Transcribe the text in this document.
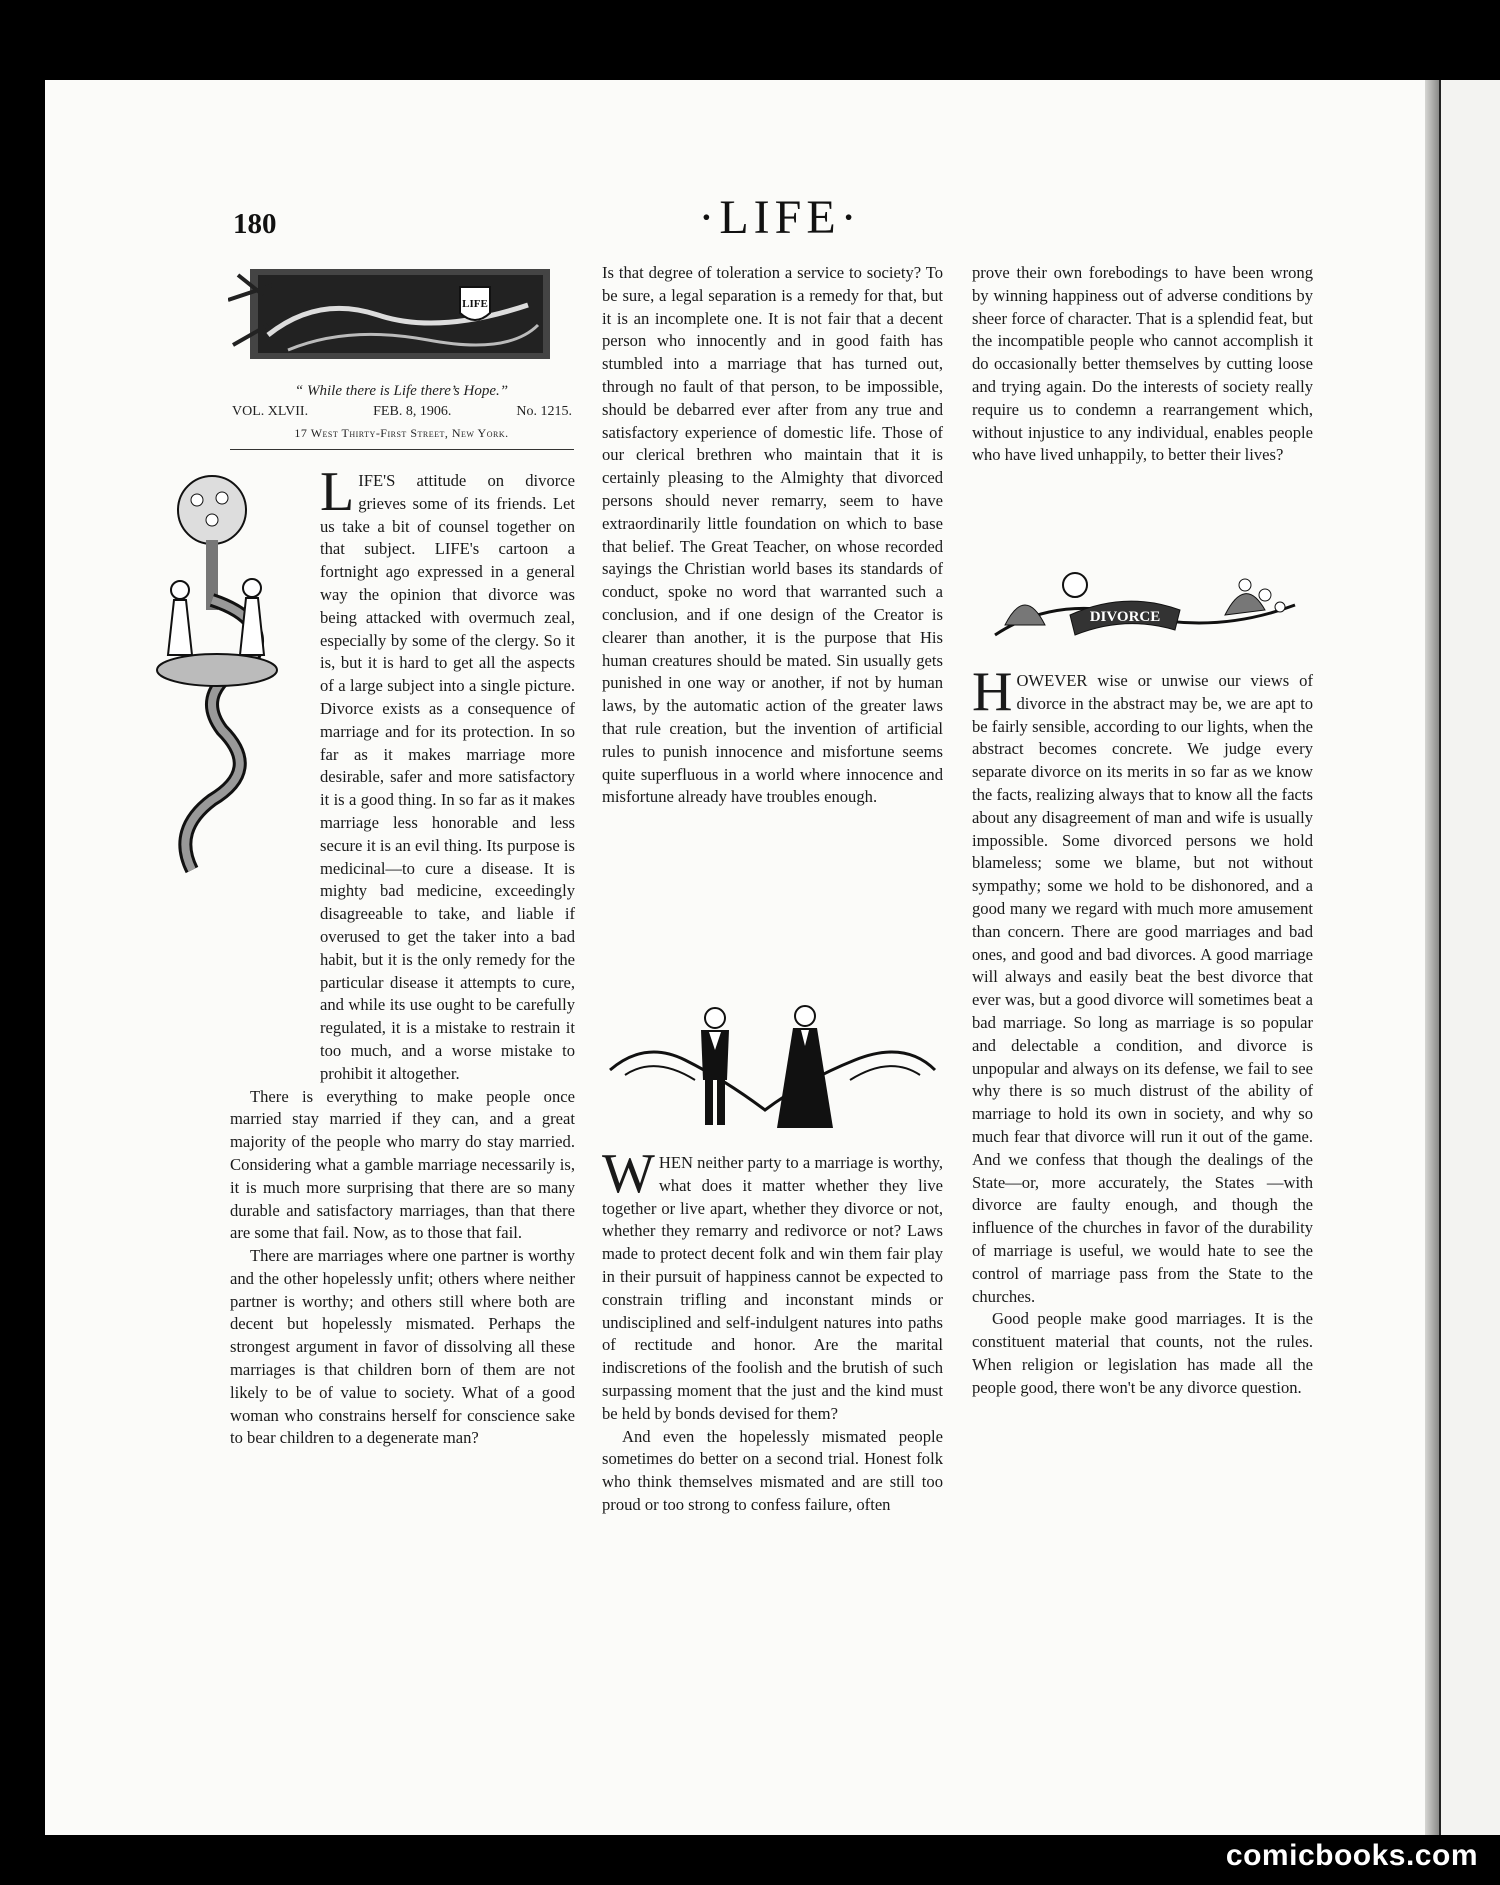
180	·LIFE·
LIFE
“ While there is Life there’s Hope.”
VOL. XLVII.	FEB. 8, 1906.	No. 1215.
17 West Thirty-First Street, New York.

LIFE'S attitude on divorce grieves some of its friends. Let us take a bit of counsel together on that subject. LIFE's cartoon a fortnight ago expressed in a general way the opinion that divorce was being attacked with overmuch zeal, especially by some of the clergy. So it is, but it is hard to get all the aspects of a large subject into a single picture. Divorce exists as a consequence of marriage and for its protection. In so far as it makes marriage more desirable, safer and more satisfactory it is a good thing. In so far as it makes marriage less honorable and less secure it is an evil thing. Its purpose is medicinal—to cure a disease. It is mighty bad medicine, exceedingly disagreeable to take, and liable if overused to get the taker into a bad habit, but it is the only remedy for the particular disease it attempts to cure, and while its use ought to be carefully regulated, it is a mistake to restrain it too much, and a worse mistake to prohibit it altogether.

There is everything to make people once married stay married if they can, and a great majority of the people who marry do stay married. Considering what a gamble marriage necessarily is, it is much more surprising that there are so many durable and satisfactory marriages, than that there are some that fail. Now, as to those that fail.

There are marriages where one partner is worthy and the other hopelessly unfit; others where neither partner is worthy; and others still where both are decent but hopelessly mismated. Perhaps the strongest argument in favor of dissolving all these marriages is that children born of them are not likely to be of value to society. What of a good woman who constrains herself for conscience sake to bear children to a degenerate man?

Is that degree of toleration a service to society? To be sure, a legal separation is a remedy for that, but it is an incomplete one. It is not fair that a decent person who innocently and in good faith has stumbled into a marriage that has turned out, through no fault of that person, to be impossible, should be debarred ever after from any true and satisfactory experience of domestic life. Those of our clerical brethren who maintain that it is certainly pleasing to the Almighty that divorced persons should never remarry, seem to have extraordinarily little foundation on which to base that belief. The Great Teacher, on whose recorded sayings the Christian world bases its standards of conduct, spoke no word that warranted such a conclusion, and if one design of the Creator is clearer than another, it is the purpose that His human creatures should be mated. Sin usually gets punished in one way or another, if not by human laws, by the automatic action of the greater laws that rule creation, but the invention of artificial rules to punish innocence and misfortune seems quite superfluous in a world where innocence and misfortune already have troubles enough.

WHEN neither party to a marriage is worthy, what does it matter whether they live together or live apart, whether they divorce or not, whether they remarry and redivorce or not? Laws made to protect decent folk and win them fair play in their pursuit of happiness cannot be expected to constrain trifling and inconstant minds or undisciplined and self-indulgent natures into paths of rectitude and honor. Are the marital indiscretions of the foolish and the brutish of such surpassing moment that the just and the kind must be held by bonds devised for them?

And even the hopelessly mismated people sometimes do better on a second trial. Honest folk who think themselves mismated and are still too proud or too strong to confess failure, often

prove their own forebodings to have been wrong by winning happiness out of adverse conditions by sheer force of character. That is a splendid feat, but the incompatible people who cannot accomplish it do occasionally better themselves by cutting loose and trying again. Do the interests of society really require us to condemn a rearrangement which, without injustice to any individual, enables people who have lived unhappily, to better their lives?

DIVORCE

HOWEVER wise or unwise our views of divorce in the abstract may be, we are apt to be fairly sensible, according to our lights, when the abstract becomes concrete. We judge every separate divorce on its merits in so far as we know the facts, realizing always that to know all the facts about any disagreement of man and wife is usually impossible. Some divorced persons we hold blameless; some we blame, but not without sympathy; some we hold to be dishonored, and a good many we regard with much more amusement than concern. There are good marriages and bad ones, and good and bad divorces. A good marriage will always and easily beat the best divorce that ever was, but a good divorce will sometimes beat a bad marriage. So long as marriage is so popular and delectable a condition, and divorce is unpopular and always on its defense, we fail to see why there is so much distrust of the ability of marriage to hold its own in society, and why so much fear that divorce will run it out of the game. And we confess that though the dealings of the State—or, more accurately, the States —with divorce are faulty enough, and though the influence of the churches in favor of the durability of marriage is useful, we would hate to see the control of marriage pass from the State to the churches.

Good people make good marriages. It is the constituent material that counts, not the rules. When religion or legislation has made all the people good, there won't be any divorce question.

comicbooks.com
